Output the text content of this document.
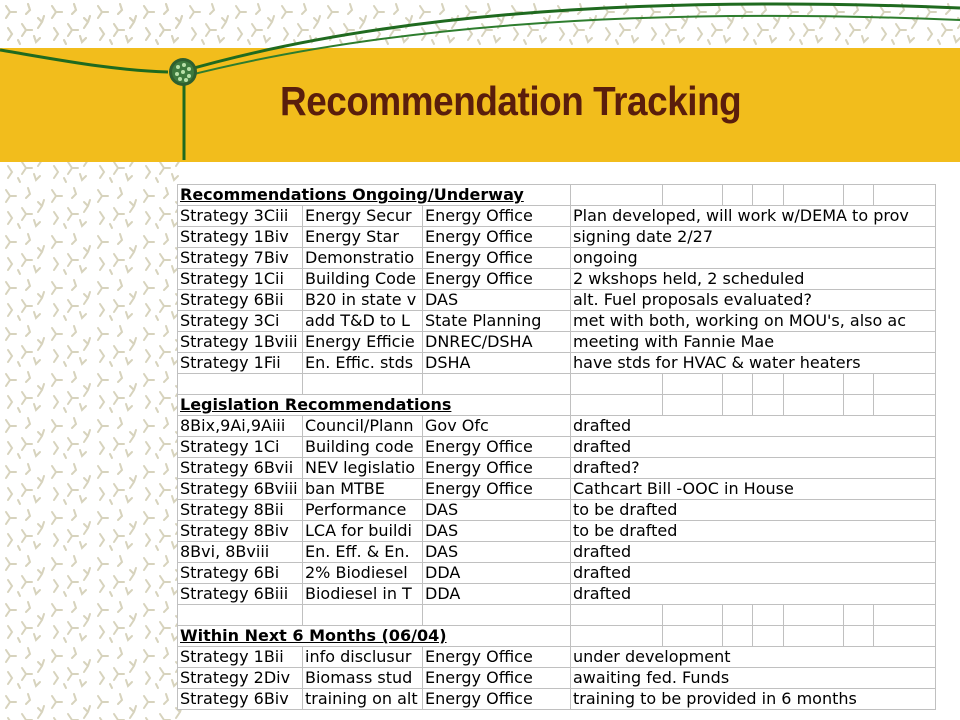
Recommendation Tracking
Recommendations Ongoing/Underway									
Strategy 3Ciii	Energy Secur	Energy Office	Plan developed, will work w/DEMA to prov						
Strategy 1Biv	Energy Star	Energy Office	signing date 2/27						
Strategy 7Biv	Demonstratio	Energy Office	ongoing						
Strategy 1Cii	Building Code	Energy Office	2 wkshops held, 2 scheduled						
Strategy 6Bii	B20 in state v	DAS	alt. Fuel proposals evaluated?						
Strategy 3Ci	add T&D to L	State Planning	met with both, working on MOU's, also ac						
Strategy 1Bviii	Energy Efficie	DNREC/DSHA	meeting with Fannie Mae						
Strategy 1Fii	En. Effic. stds	DSHA	have stds for HVAC & water heaters						

Legislation Recommendations									
8Bix,9Ai,9Aiii	Council/Plann	Gov Ofc	drafted						
Strategy 1Ci	Building code	Energy Office	drafted						
Strategy 6Bvii	NEV legislatio	Energy Office	drafted?						
Strategy 6Bviii	ban MTBE	Energy Office	Cathcart Bill -OOC in House						
Strategy 8Bii	Performance	DAS	to be drafted						
Strategy 8Biv	LCA for buildi	DAS	to be drafted						
8Bvi, 8Bviii	En. Eff. & En.	DAS	drafted						
Strategy 6Bi	2% Biodiesel	DDA	drafted						
Strategy 6Biii	Biodiesel in T	DDA	drafted						

Within Next 6 Months (06/04)									
Strategy 1Bii	info disclusur	Energy Office	under development						
Strategy 2Div	Biomass stud	Energy Office	awaiting fed. Funds						
Strategy 6Biv	training on alt	Energy Office	training to be provided in 6 months						
